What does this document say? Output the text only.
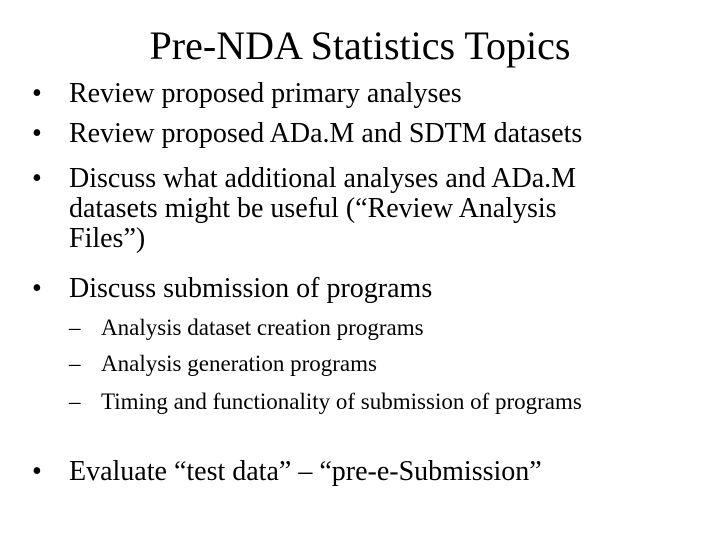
Pre-NDA Statistics Topics
• Review proposed primary analyses
• Review proposed ADa.M and SDTM datasets
• Discuss what additional analyses and ADa.M datasets might be useful (“Review Analysis Files”)
• Discuss submission of programs
– Analysis dataset creation programs
– Analysis generation programs
– Timing and functionality of submission of programs
• Evaluate “test data” – “pre-e-Submission”
